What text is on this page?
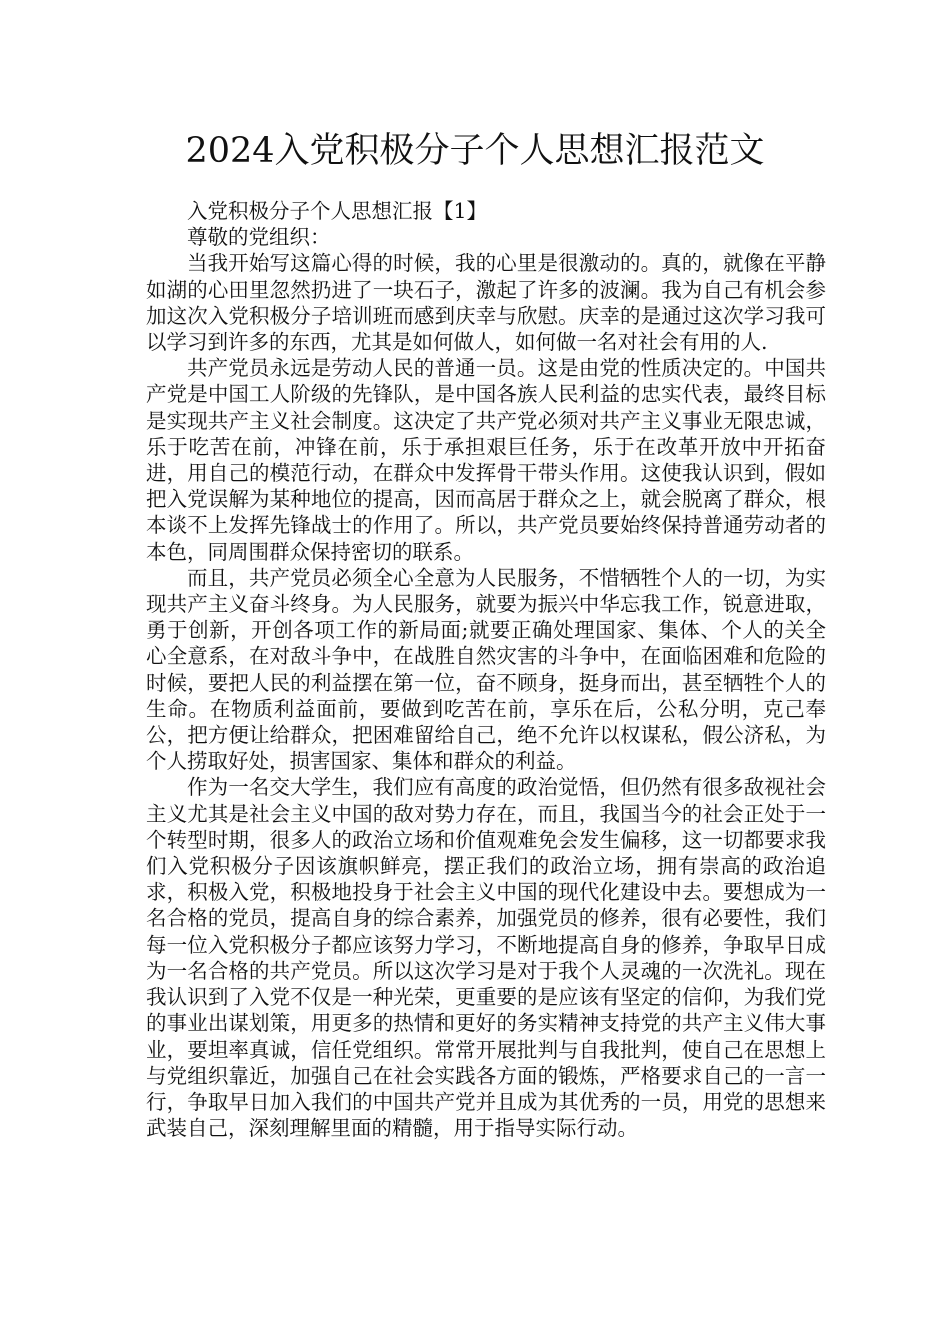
2024入党积极分子个人思想汇报范文

入党积极分子个人思想汇报【1】

尊敬的党组织：

当我开始写这篇心得的时候，我的心里是很激动的。真的，就像在平静如湖的心田里忽然扔进了一块石子，激起了许多的波澜。我为自己有机会参加这次入党积极分子培训班而感到庆幸与欣慰。庆幸的是通过这次学习我可以学习到许多的东西，尤其是如何做人，如何做一名对社会有用的人.

共产党员永远是劳动人民的普通一员。这是由党的性质决定的。中国共产党是中国工人阶级的先锋队，是中国各族人民利益的忠实代表，最终目标是实现共产主义社会制度。这决定了共产党必须对共产主义事业无限忠诚，乐于吃苦在前，冲锋在前，乐于承担艰巨任务，乐于在改革开放中开拓奋进，用自己的模范行动，在群众中发挥骨干带头作用。这使我认识到，假如把入党误解为某种地位的提高，因而高居于群众之上，就会脱离了群众，根本谈不上发挥先锋战士的作用了。所以，共产党员要始终保持普通劳动者的本色，同周围群众保持密切的联系。

而且，共产党员必须全心全意为人民服务，不惜牺牲个人的一切，为实现共产主义奋斗终身。为人民服务，就要为振兴中华忘我工作，锐意进取，勇于创新，开创各项工作的新局面;就要正确处理国家、集体、个人的关全心全意系，在对敌斗争中，在战胜自然灾害的斗争中，在面临困难和危险的时候，要把人民的利益摆在第一位，奋不顾身，挺身而出，甚至牺牲个人的生命。在物质利益面前，要做到吃苦在前，享乐在后，公私分明，克己奉公，把方便让给群众，把困难留给自己，绝不允许以权谋私，假公济私，为个人捞取好处，损害国家、集体和群众的利益。

作为一名交大学生，我们应有高度的政治觉悟，但仍然有很多敌视社会主义尤其是社会主义中国的敌对势力存在，而且，我国当今的社会正处于一个转型时期，很多人的政治立场和价值观难免会发生偏移，这一切都要求我们入党积极分子因该旗帜鲜亮，摆正我们的政治立场，拥有崇高的政治追求，积极入党，积极地投身于社会主义中国的现代化建设中去。要想成为一名合格的党员，提高自身的综合素养，加强党员的修养，很有必要性，我们每一位入党积极分子都应该努力学习，不断地提高自身的修养，争取早日成为一名合格的共产党员。所以这次学习是对于我个人灵魂的一次洗礼。现在我认识到了入党不仅是一种光荣，更重要的是应该有坚定的信仰，为我们党的事业出谋划策，用更多的热情和更好的务实精神支持党的共产主义伟大事业，要坦率真诚，信任党组织。常常开展批判与自我批判，使自己在思想上与党组织靠近，加强自己在社会实践各方面的锻炼，严格要求自己的一言一行，争取早日加入我们的中国共产党并且成为其优秀的一员，用党的思想来武装自己，深刻理解里面的精髓，用于指导实际行动。
